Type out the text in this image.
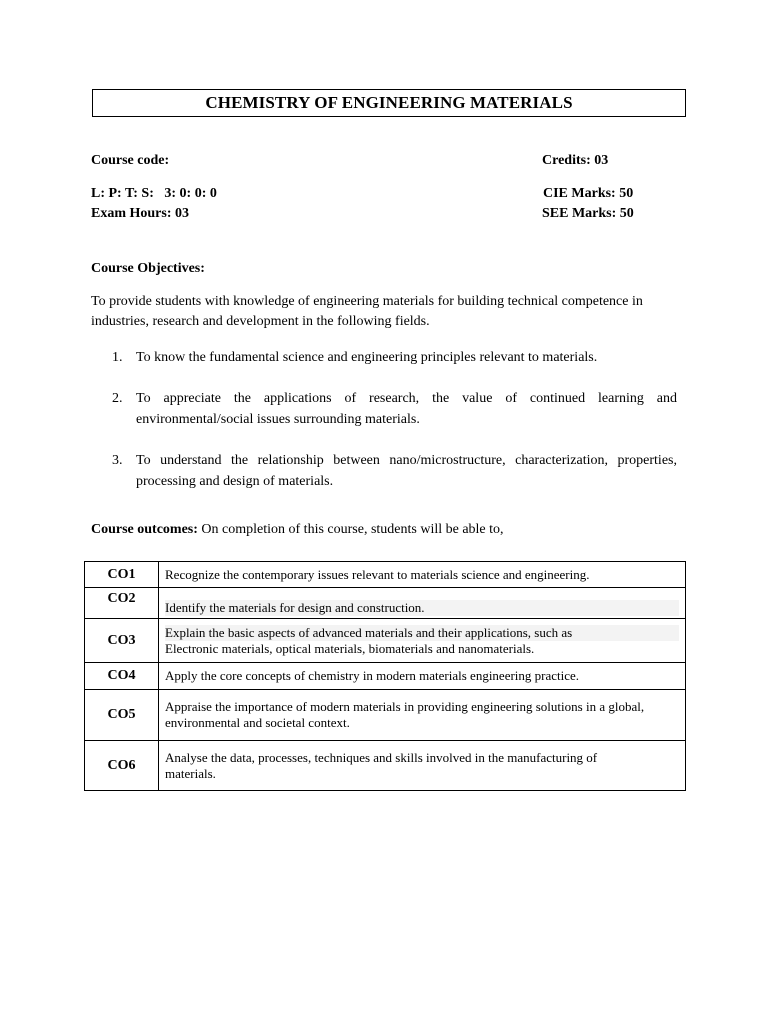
CHEMISTRY OF ENGINEERING MATERIALS
Course code:	Credits: 03
L: P: T: S:   3: 0: 0: 0	CIE Marks: 50
Exam Hours: 03	SEE Marks: 50
Course Objectives:
To provide students with knowledge of engineering materials for building technical competence in industries, research and development in the following fields.
1. To know the fundamental science and engineering principles relevant to materials.
2. To appreciate the applications of research, the value of continued learning and environmental/social issues surrounding materials.
3. To understand the relationship between nano/microstructure, characterization, properties, processing and design of materials.
Course outcomes: On completion of this course, students will be able to,
CO1	Recognize the contemporary issues relevant to materials science and engineering.
CO2	Identify the materials for design and construction.

CO3	Explain the basic aspects of advanced materials and their applications, such as
Electronic materials, optical materials, biomaterials and nanomaterials.

CO4	Apply the core concepts of chemistry in modern materials engineering practice.
CO5	Appraise the importance of modern materials in providing engineering solutions in a global,
environmental and societal context.

CO6	Analyse the data, processes, techniques and skills involved in the manufacturing of
materials.
